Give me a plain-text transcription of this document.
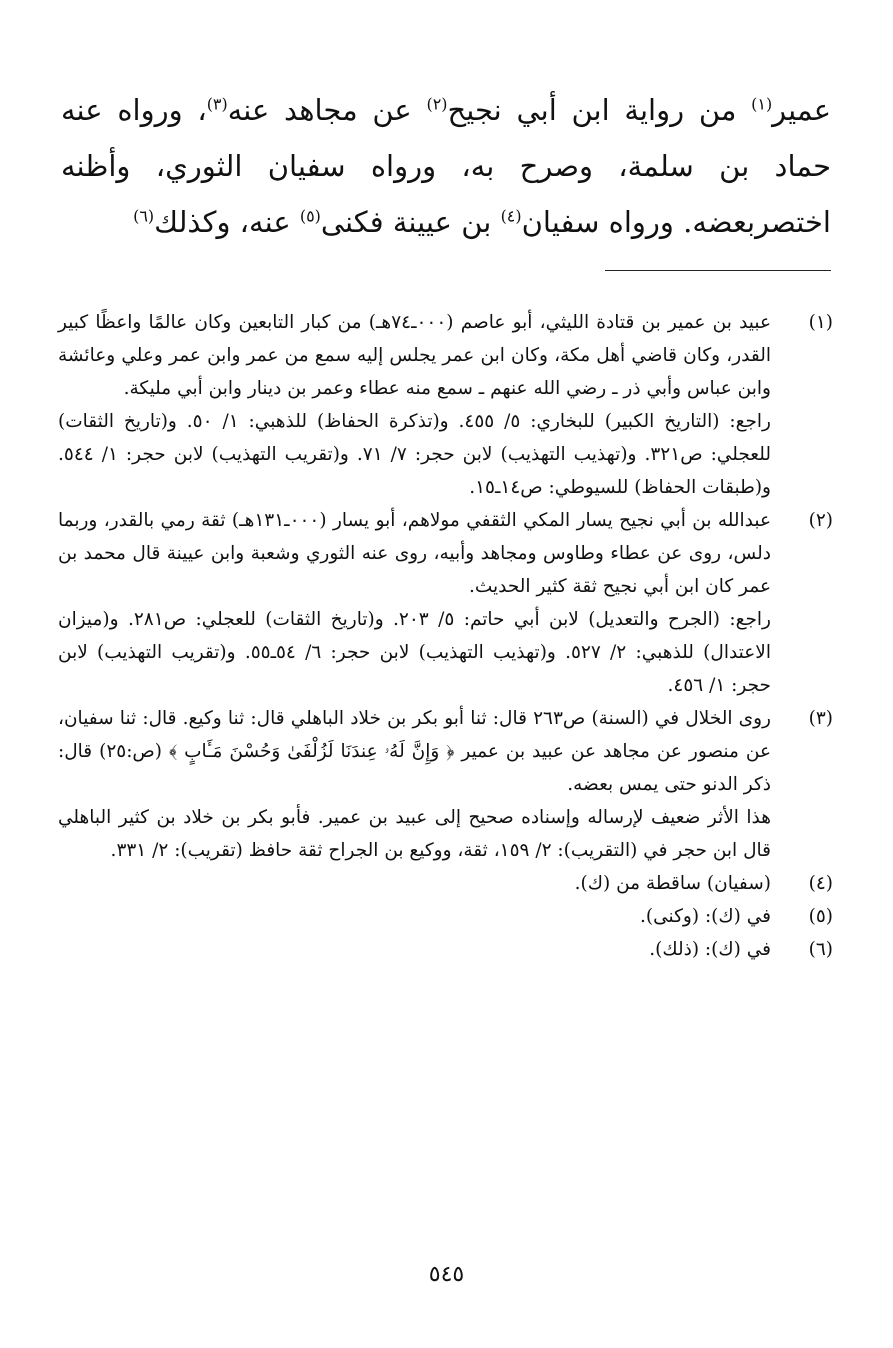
عمير$^{(١)}$ من رواية ابن أبي نجيح$^{(٢)}$ عن مجاهد عنه$^{(٣)}$، ورواه عنه حماد بن سلمة، وصرح به، ورواه سفيان الثوري، وأظنه اختصربعضه. ورواه سفيان$^{(٤)}$ بن عيينة فكنى$^{(٥)}$ عنه، وكذلك$^{(٦)}$
(١)

عبيد بن عمير بن قتادة الليثي، أبو عاصم (٠٠٠ـ٧٤هـ) من كبار التابعين وكان عالمًا واعظًا كبير القدر، وكان قاضي أهل مكة، وكان ابن عمر يجلس إليه سمع من عمر وابن عمر وعلي وعائشة وابن عباس وأبي ذر ـ رضي الله عنهم ـ سمع منه عطاء وعمر بن دينار وابن أبي مليكة.

راجع: (التاريخ الكبير) للبخاري: ٥/ ٤٥٥. و(تذكرة الحفاظ) للذهبي: ١/ ٥٠. و(تاريخ الثقات) للعجلي: ص٣٢١. و(تهذيب التهذيب) لابن حجر: ٧/ ٧١. و(تقريب التهذيب) لابن حجر: ١/ ٥٤٤. و(طبقات الحفاظ) للسيوطي: ص١٤ـ١٥.

(٢)

عبدالله بن أبي نجيح يسار المكي الثقفي مولاهم، أبو يسار (٠٠٠ـ١٣١هـ) ثقة رمي بالقدر، وربما دلس، روى عن عطاء وطاوس ومجاهد وأبيه، روى عنه الثوري وشعبة وابن عيينة قال محمد بن عمر كان ابن أبي نجيح ثقة كثير الحديث.

راجع: (الجرح والتعديل) لابن أبي حاتم: ٥/ ٢٠٣. و(تاريخ الثقات) للعجلي: ص٢٨١. و(ميزان الاعتدال) للذهبي: ٢/ ٥٢٧. و(تهذيب التهذيب) لابن حجر: ٦/ ٥٤ـ٥٥. و(تقريب التهذيب) لابن حجر: ١/ ٤٥٦.

(٣)

روى الخلال في (السنة) ص٢٦٣ قال: ثنا أبو بكر بن خلاد الباهلي قال: ثنا وكيع. قال: ثنا سفيان، عن منصور عن مجاهد عن عبيد بن عمير ﴿ وَإِنَّ لَهُۥ عِندَنَا لَزُلْفَىٰ وَحُسْنَ مَـَٔابٍ ﴾ (ص:٢٥) قال: ذكر الدنو حتى يمس بعضه.

هذا الأثر ضعيف لإرساله وإسناده صحيح إلى عبيد بن عمير. فأبو بكر بن خلاد بن كثير الباهلي قال ابن حجر في (التقريب): ٢/ ١٥٩، ثقة، ووكيع بن الجراح ثقة حافظ (تقريب): ٢/ ٣٣١.

(٤)

(سفيان) ساقطة من (ك).

(٥)

في (ك): (وكنى).

(٦)

في (ك): (ذلك).

٥٤٥
